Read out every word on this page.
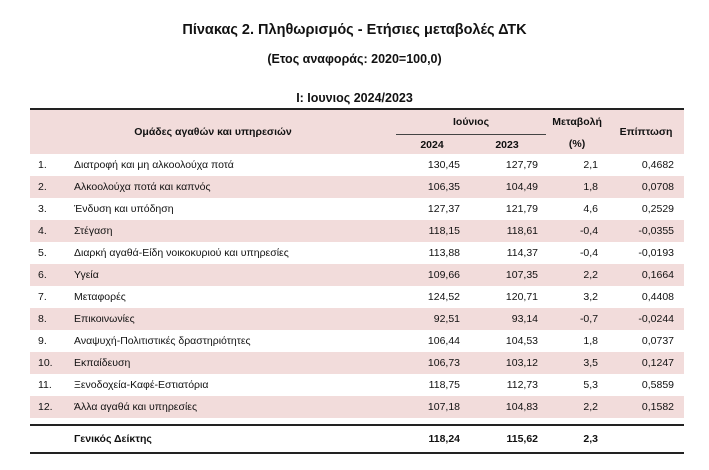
Πίνακας 2. Πληθωρισμός - Ετήσιες μεταβολές ΔΤΚ
(Ετος αναφοράς: 2020=100,0)
Ι: Ιουνιος 2024/2023
Ομάδες αγαθών και υπηρεσιών		Ιούνιος		Μεταβολή	Επίπτωση
		2024	2023	(%)	
1.	Διατροφή και μη αλκοολούχα ποτά	130,45	127,79	2,1	0,4682
2.	Αλκοολούχα ποτά και καπνός	106,35	104,49	1,8	0,0708
3.	Ένδυση και υπόδηση	127,37	121,79	4,6	0,2529
4.	Στέγαση	118,15	118,61	-0,4	-0,0355
5.	Διαρκή αγαθά-Είδη νοικοκυριού και υπηρεσίες	113,88	114,37	-0,4	-0,0193
6.	Υγεία	109,66	107,35	2,2	0,1664
7.	Μεταφορές	124,52	120,71	3,2	0,4408
8.	Επικοινωνίες	92,51	93,14	-0,7	-0,0244
9.	Αναψυχή-Πολιτιστικές δραστηριότητες	106,44	104,53	1,8	0,0737
10.	Εκπαίδευση	106,73	103,12	3,5	0,1247
11.	Ξενοδοχεία-Καφέ-Εστιατόρια	118,75	112,73	5,3	0,5859
12.	Άλλα αγαθά και υπηρεσίες	107,18	104,83	2,2	0,1582

	Γενικός Δείκτης	118,24	115,62	2,3	
